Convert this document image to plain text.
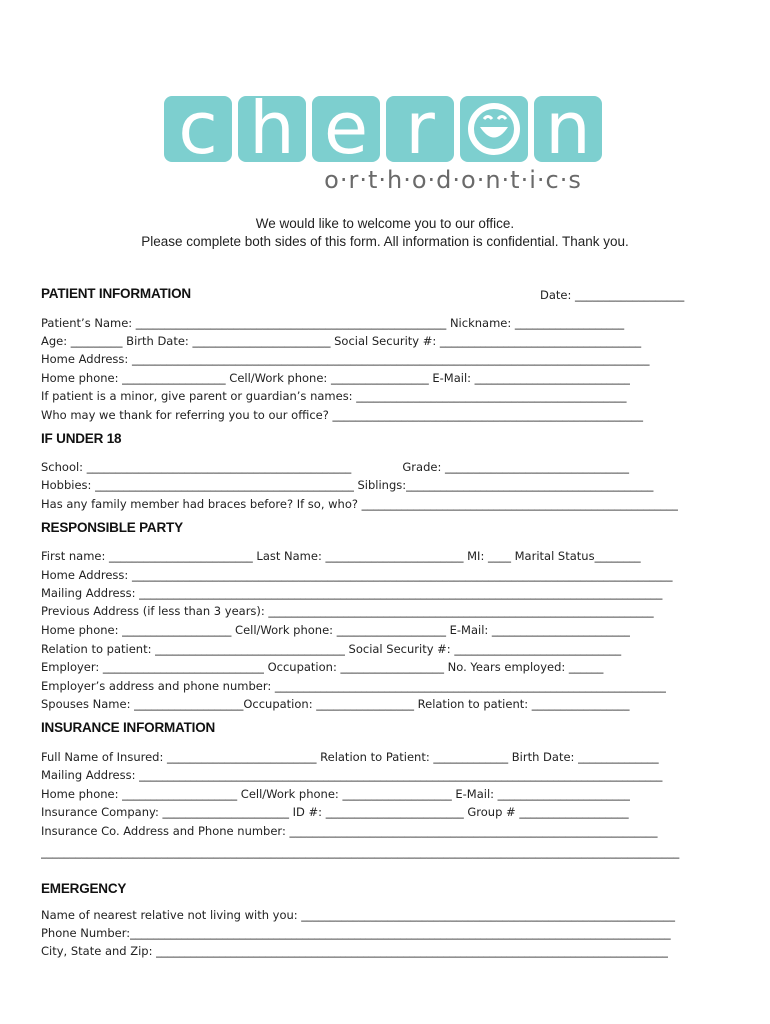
c h e r n
o·r·t·h·o·d·o·n·t·i·c·s
We would like to welcome you to our office.
Please complete both sides of this form. All information is confidential. Thank you.
PATIENT INFORMATION	Date: ___________________
Patient’s Name: ______________________________________________________ Nickname: ___________________
Age: _________ Birth Date: ________________________ Social Security #: ___________________________________
Home Address: __________________________________________________________________________________________
Home phone: __________________ Cell/Work phone: _________________ E-Mail: ___________________________
If patient is a minor, give parent or guardian’s names: _______________________________________________
Who may we thank for referring you to our office? ______________________________________________________
IF UNDER 18
School: ______________________________________________              Grade: ________________________________
Hobbies: _____________________________________________ Siblings:___________________________________________
Has any family member had braces before? If so, who? _______________________________________________________
RESPONSIBLE PARTY
First name: _________________________ Last Name: ________________________ MI: ____ Marital Status________
Home Address: ______________________________________________________________________________________________
Mailing Address: ___________________________________________________________________________________________
Previous Address (if less than 3 years): ___________________________________________________________________
Home phone: ___________________ Cell/Work phone: ___________________ E-Mail: ________________________
Relation to patient: _________________________________ Social Security #: _____________________________
Employer: ____________________________ Occupation: __________________ No. Years employed: ______
Employer’s address and phone number: ____________________________________________________________________
Spouses Name: ___________________Occupation: _________________ Relation to patient: _________________
INSURANCE INFORMATION
Full Name of Insured: __________________________ Relation to Patient: _____________ Birth Date: ______________
Mailing Address: ___________________________________________________________________________________________
Home phone: ____________________ Cell/Work phone: ___________________ E-Mail: _______________________
Insurance Company: ______________________ ID #: ________________________ Group # ___________________
Insurance Co. Address and Phone number: ________________________________________________________________
_______________________________________________________________________________________________________________
EMERGENCY
Name of nearest relative not living with you: _________________________________________________________________
Phone Number:______________________________________________________________________________________________
City, State and Zip: _________________________________________________________________________________________
